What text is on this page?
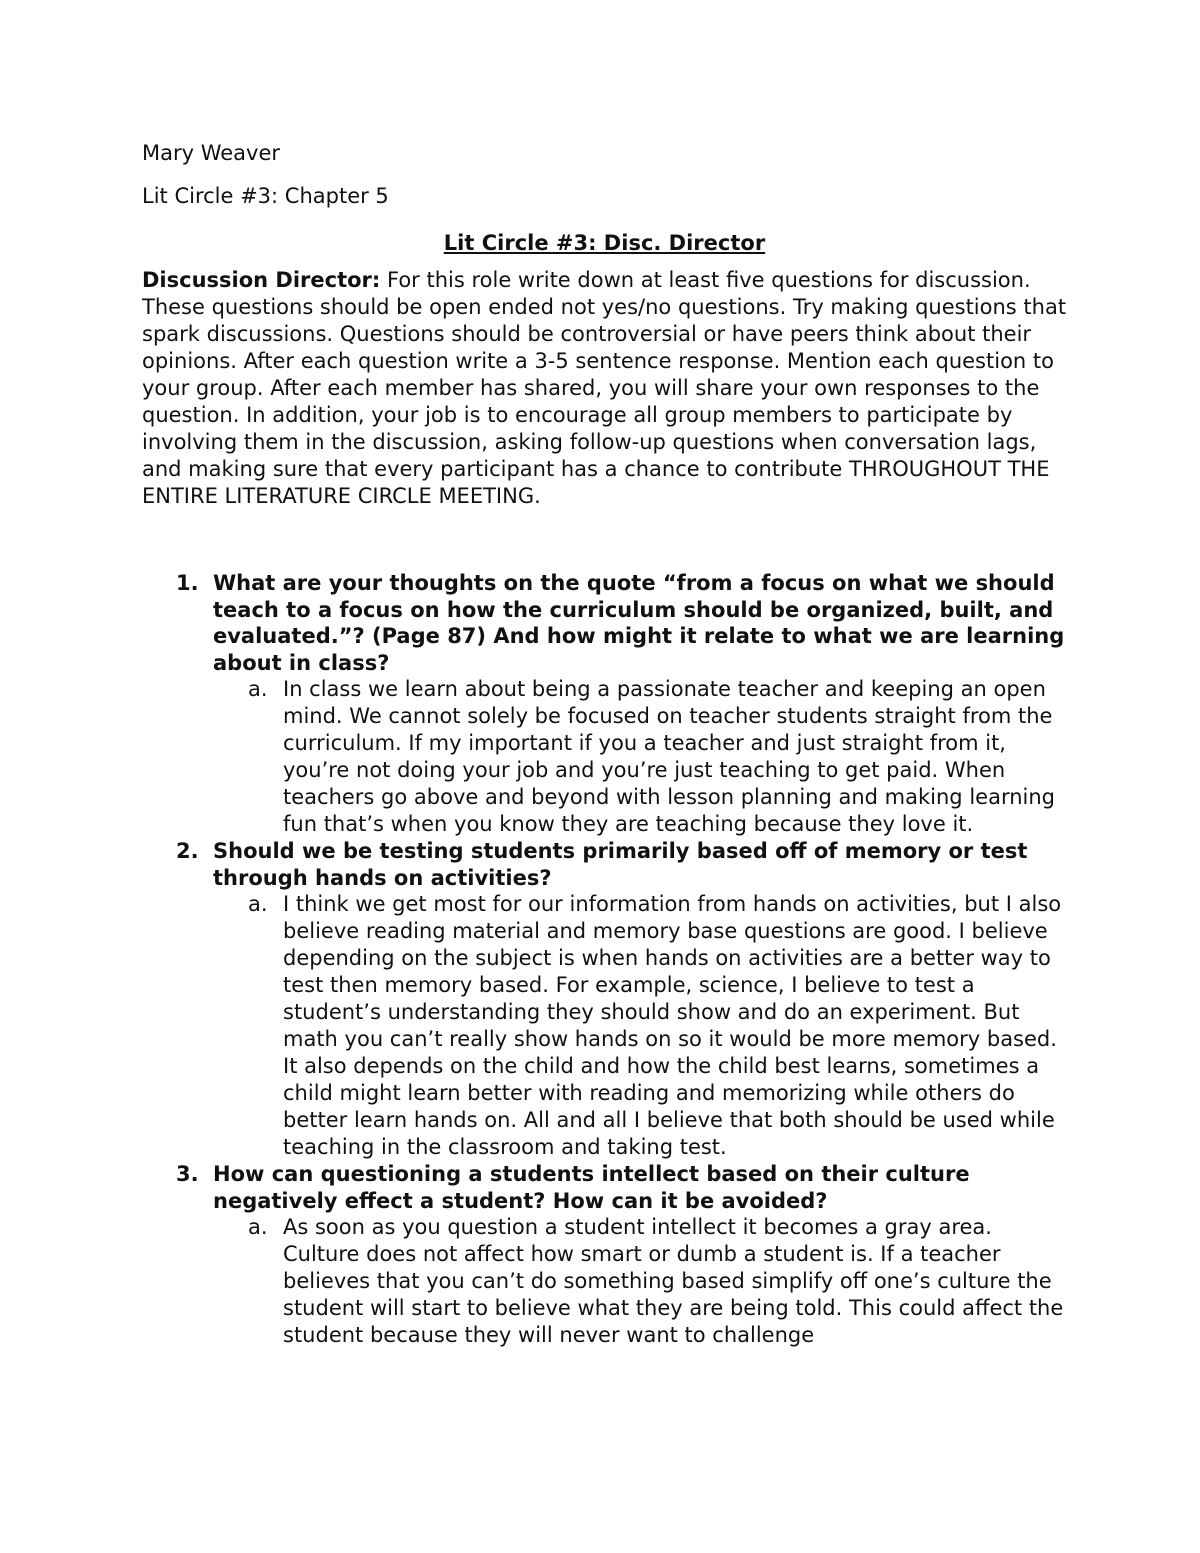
Mary Weaver

Lit Circle #3: Chapter 5

Lit Circle #3: Disc. Director

Discussion Director: For this role write down at least five questions for discussion. These questions should be open ended not yes/no questions. Try making questions that spark discussions. Questions should be controversial or have peers think about their opinions. After each question write a 3-5 sentence response. Mention each question to your group. After each member has shared, you will share your own responses to the question. In addition, your job is to encourage all group members to participate by involving them in the discussion, asking follow-up questions when conversation lags, and making sure that every participant has a chance to contribute THROUGHOUT THE ENTIRE LITERATURE CIRCLE MEETING.

1. What are your thoughts on the quote “from a focus on what we should teach to a focus on how the curriculum should be organized, built, and evaluated.”? (Page 87) And how might it relate to what we are learning about in class?

a. In class we learn about being a passionate teacher and keeping an open mind. We cannot solely be focused on teacher students straight from the curriculum. If my important if you a teacher and just straight from it, you’re not doing your job and you’re just teaching to get paid. When teachers go above and beyond with lesson planning and making learning fun that’s when you know they are teaching because they love it.

2. Should we be testing students primarily based off of memory or test through hands on activities?

a. I think we get most for our information from hands on activities, but I also believe reading material and memory base questions are good. I believe depending on the subject is when hands on activities are a better way to test then memory based. For example, science, I believe to test a student’s understanding they should show and do an experiment. But math you can’t really show hands on so it would be more memory based. It also depends on the child and how the child best learns, sometimes a child might learn better with reading and memorizing while others do better learn hands on. All and all I believe that both should be used while teaching in the classroom and taking test.

3. How can questioning a students intellect based on their culture negatively effect a student? How can it be avoided?

a. As soon as you question a student intellect it becomes a gray area. Culture does not affect how smart or dumb a student is. If a teacher believes that you can’t do something based simplify off one’s culture the student will start to believe what they are being told. This could affect the student because they will never want to challenge
